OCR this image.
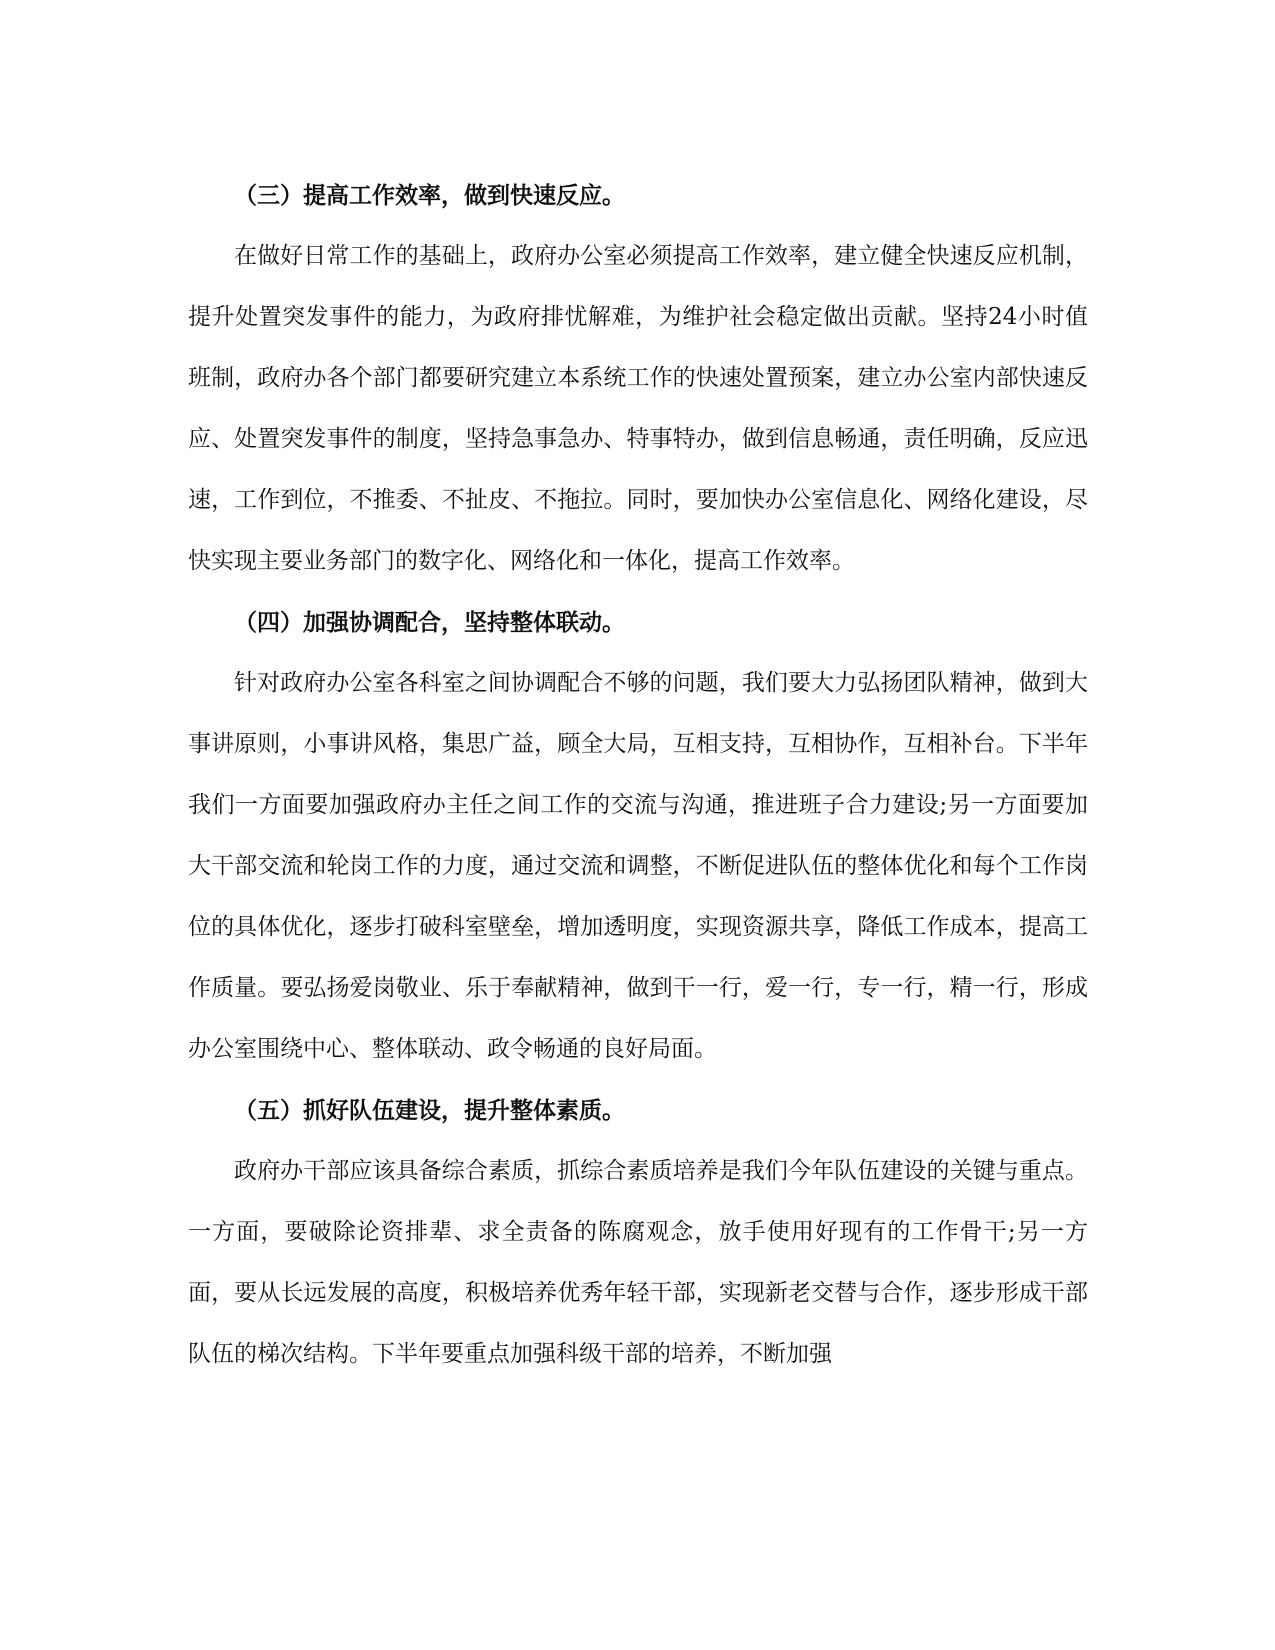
（三）提高工作效率，做到快速反应。

在做好日常工作的基础上，政府办公室必须提高工作效率，建立健全快速反应机制，提升处置突发事件的能力，为政府排忧解难，为维护社会稳定做出贡献。坚持24小时值班制，政府办各个部门都要研究建立本系统工作的快速处置预案，建立办公室内部快速反应、处置突发事件的制度，坚持急事急办、特事特办，做到信息畅通，责任明确，反应迅速，工作到位，不推委、不扯皮、不拖拉。同时，要加快办公室信息化、网络化建设，尽快实现主要业务部门的数字化、网络化和一体化，提高工作效率。

（四）加强协调配合，坚持整体联动。

针对政府办公室各科室之间协调配合不够的问题，我们要大力弘扬团队精神，做到大事讲原则，小事讲风格，集思广益，顾全大局，互相支持，互相协作，互相补台。下半年我们一方面要加强政府办主任之间工作的交流与沟通，推进班子合力建设;另一方面要加大干部交流和轮岗工作的力度，通过交流和调整，不断促进队伍的整体优化和每个工作岗位的具体优化，逐步打破科室壁垒，增加透明度，实现资源共享，降低工作成本，提高工作质量。要弘扬爱岗敬业、乐于奉献精神，做到干一行，爱一行，专一行，精一行，形成办公室围绕中心、整体联动、政令畅通的良好局面。

（五）抓好队伍建设，提升整体素质。

政府办干部应该具备综合素质，抓综合素质培养是我们今年队伍建设的关键与重点。一方面，要破除论资排辈、求全责备的陈腐观念，放手使用好现有的工作骨干;另一方面，要从长远发展的高度，积极培养优秀年轻干部，实现新老交替与合作，逐步形成干部队伍的梯次结构。下半年要重点加强科级干部的培养，不断加强
